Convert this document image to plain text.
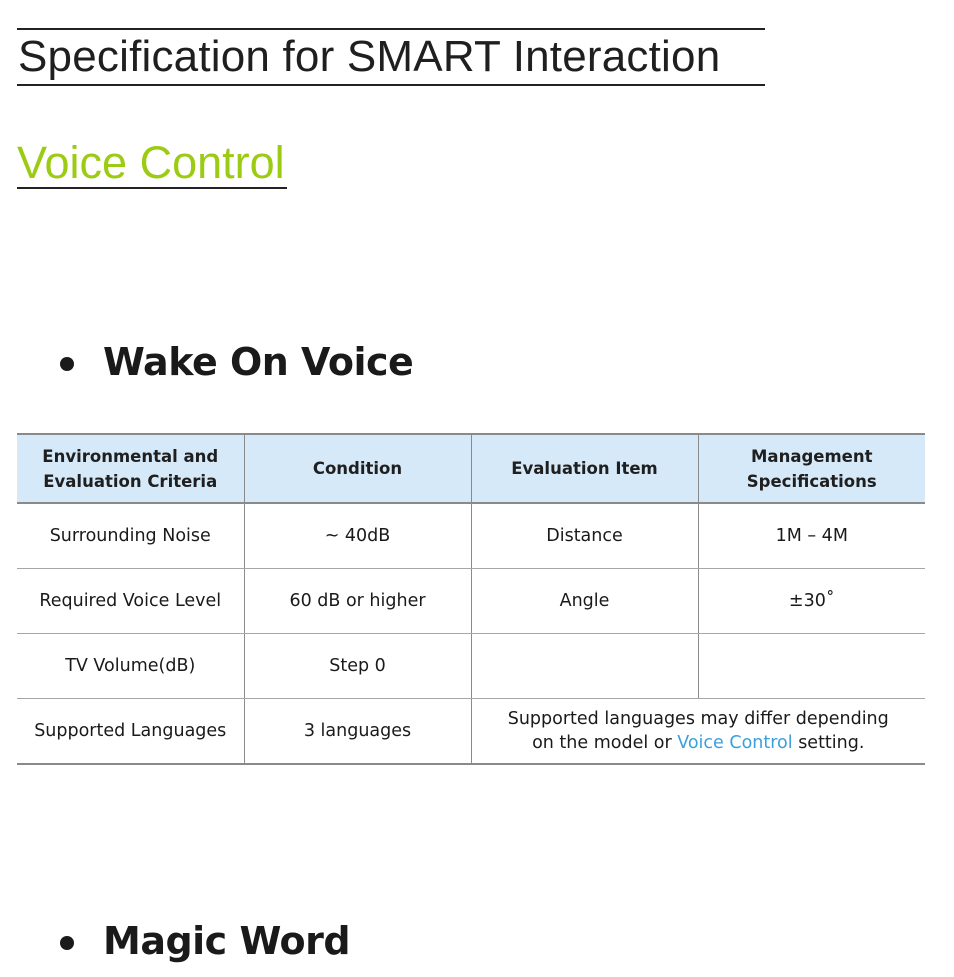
Specification for SMART Interaction
Voice Control
Wake On Voice
Environmental and Evaluation Criteria	Condition	Evaluation Item	Management Specifications
Surrounding Noise	~ 40dB	Distance	1M – 4M
Required Voice Level	60 dB or higher	Angle	±30˚
TV Volume(dB)	Step 0		
Supported Languages	3 languages	Supported languages may differ depending
on the model or Voice Control setting.	
Magic Word
